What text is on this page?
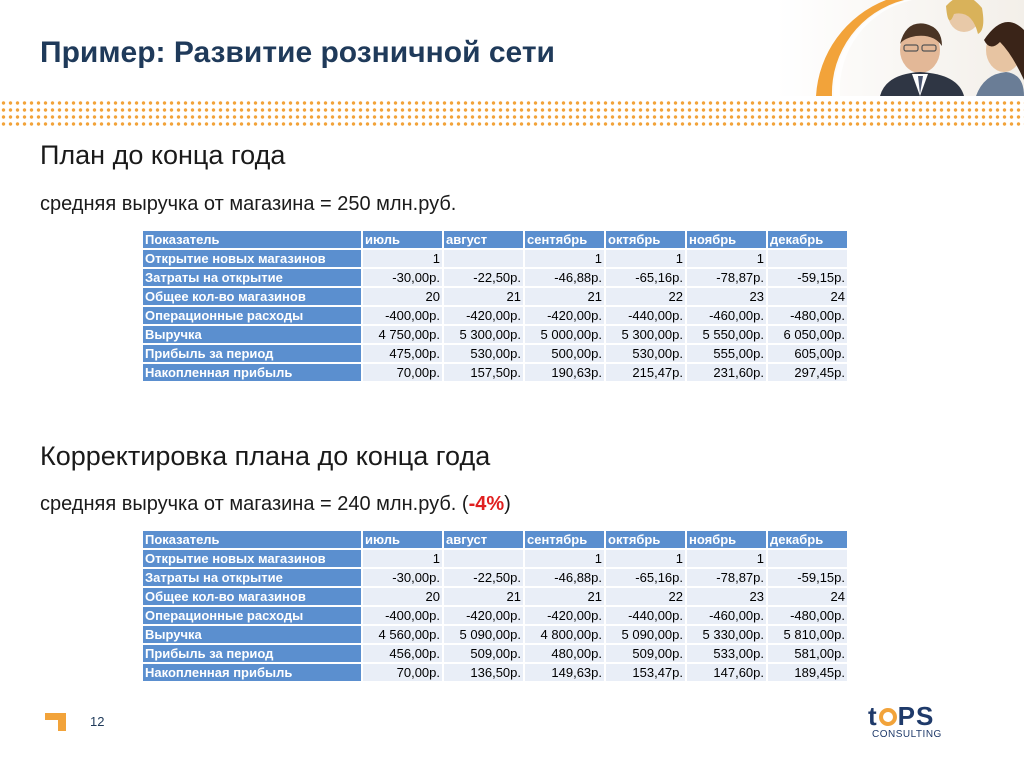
Пример: Развитие розничной сети
План до конца года
средняя выручка от магазина = 250 млн.руб.
Показатель	июль	август	сентябрь	октябрь	ноябрь	декабрь
Открытие новых магазинов	1		1	1	1	
Затраты на открытие	-30,00р.	-22,50р.	-46,88р.	-65,16р.	-78,87р.	-59,15р.
Общее кол-во магазинов	20	21	21	22	23	24
Операционные расходы	-400,00р.	-420,00р.	-420,00р.	-440,00р.	-460,00р.	-480,00р.
Выручка	4 750,00р.	5 300,00р.	5 000,00р.	5 300,00р.	5 550,00р.	6 050,00р.
Прибыль за период	475,00р.	530,00р.	500,00р.	530,00р.	555,00р.	605,00р.
Накопленная прибыль	70,00р.	157,50р.	190,63р.	215,47р.	231,60р.	297,45р.
Корректировка плана до конца года
средняя выручка от магазина = 240 млн.руб. (-4%)
Показатель	июль	август	сентябрь	октябрь	ноябрь	декабрь
Открытие новых магазинов	1		1	1	1	
Затраты на открытие	-30,00р.	-22,50р.	-46,88р.	-65,16р.	-78,87р.	-59,15р.
Общее кол-во магазинов	20	21	21	22	23	24
Операционные расходы	-400,00р.	-420,00р.	-420,00р.	-440,00р.	-460,00р.	-480,00р.
Выручка	4 560,00р.	5 090,00р.	4 800,00р.	5 090,00р.	5 330,00р.	5 810,00р.
Прибыль за период	456,00р.	509,00р.	480,00р.	509,00р.	533,00р.	581,00р.
Накопленная прибыль	70,00р.	136,50р.	149,63р.	153,47р.	147,60р.	189,45р.
12	t PS
CONSULTING
